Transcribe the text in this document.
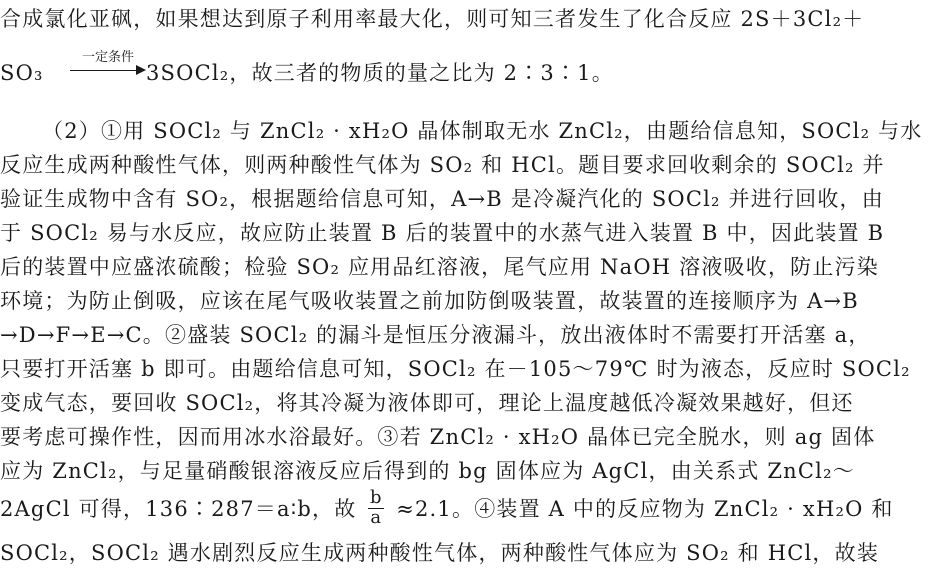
合成氯化亚砜，如果想达到原子利用率最大化，则可知三者发生了化合反应 2S＋3Cl₂＋
SO₃
一定条件
3SOCl₂，故三者的物质的量之比为 2∶3∶1。
（2）①用 SOCl₂ 与 ZnCl₂ · xH₂O 晶体制取无水 ZnCl₂，由题给信息知，SOCl₂ 与水
反应生成两种酸性气体，则两种酸性气体为 SO₂ 和 HCl。题目要求回收剩余的 SOCl₂ 并
验证生成物中含有 SO₂，根据题给信息可知，A→B 是冷凝汽化的 SOCl₂ 并进行回收，由
于 SOCl₂ 易与水反应，故应防止装置 B 后的装置中的水蒸气进入装置 B 中，因此装置 B
后的装置中应盛浓硫酸；检验 SO₂ 应用品红溶液，尾气应用 NaOH 溶液吸收，防止污染
环境；为防止倒吸，应该在尾气吸收装置之前加防倒吸装置，故装置的连接顺序为 A→B
→D→F→E→C。②盛装 SOCl₂ 的漏斗是恒压分液漏斗，放出液体时不需要打开活塞 a，
只要打开活塞 b 即可。由题给信息可知，SOCl₂ 在－105～79℃ 时为液态，反应时 SOCl₂
变成气态，要回收 SOCl₂，将其冷凝为液体即可，理论上温度越低冷凝效果越好，但还
要考虑可操作性，因而用冰水浴最好。③若 ZnCl₂ · xH₂O 晶体已完全脱水，则 ag 固体
应为 ZnCl₂，与足量硝酸银溶液反应后得到的 bg 固体应为 AgCl，由关系式 ZnCl₂～
2AgCl 可得，136∶287＝a∶b，故 $\frac{b}{a} \approx 2.1$。④装置 A 中的反应物为 ZnCl₂ · xH₂O 和
SOCl₂，SOCl₂ 遇水剧烈反应生成两种酸性气体，两种酸性气体应为 SO₂ 和 HCl，故装
